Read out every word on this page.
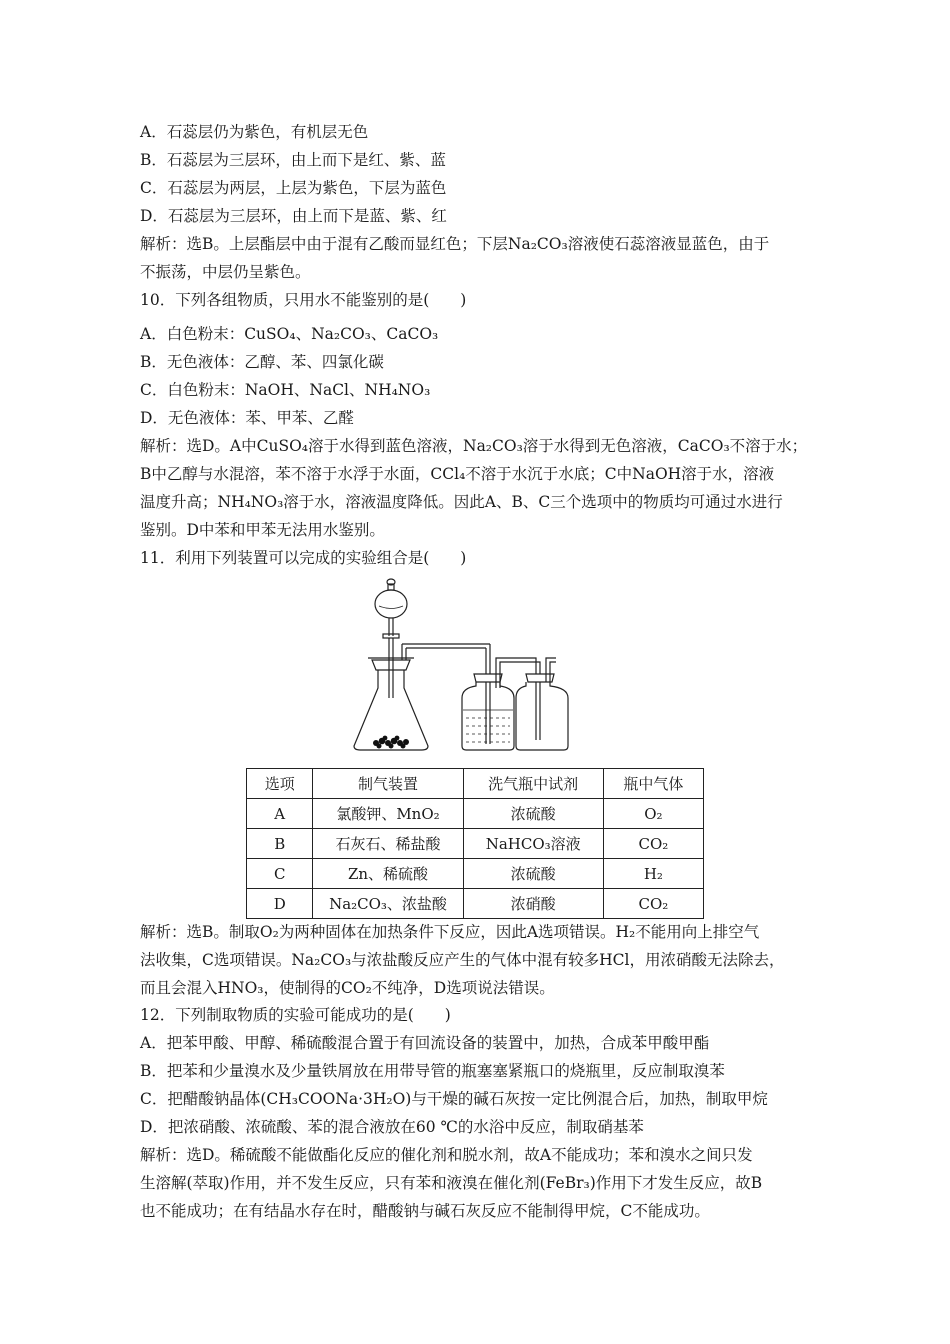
A．石蕊层仍为紫色，有机层无色
B．石蕊层为三层环，由上而下是红、紫、蓝
C．石蕊层为两层，上层为紫色，下层为蓝色
D．石蕊层为三层环，由上而下是蓝、紫、红
解析：选B。上层酯层中由于混有乙酸而显红色；下层Na₂CO₃溶液使石蕊溶液显蓝色，由于
不振荡，中层仍呈紫色。
10．下列各组物质，只用水不能鉴别的是(　　)
A．白色粉末：CuSO₄、Na₂CO₃、CaCO₃
B．无色液体：乙醇、苯、四氯化碳
C．白色粉末：NaOH、NaCl、NH₄NO₃
D．无色液体：苯、甲苯、乙醛
解析：选D。A中CuSO₄溶于水得到蓝色溶液，Na₂CO₃溶于水得到无色溶液，CaCO₃不溶于水；
B中乙醇与水混溶，苯不溶于水浮于水面，CCl₄不溶于水沉于水底；C中NaOH溶于水，溶液
温度升高；NH₄NO₃溶于水，溶液温度降低。因此A、B、C三个选项中的物质均可通过水进行
鉴别。D中苯和甲苯无法用水鉴别。
11．利用下列装置可以完成的实验组合是(　　)
选项	制气装置	洗气瓶中试剂	瓶中气体
A	氯酸钾、MnO₂	浓硫酸	O₂
B	石灰石、稀盐酸	NaHCO₃溶液	CO₂
C	Zn、稀硫酸	浓硫酸	H₂
D	Na₂CO₃、浓盐酸	浓硝酸	CO₂
解析：选B。制取O₂为两种固体在加热条件下反应，因此A选项错误。H₂不能用向上排空气
法收集，C选项错误。Na₂CO₃与浓盐酸反应产生的气体中混有较多HCl，用浓硝酸无法除去，
而且会混入HNO₃，使制得的CO₂不纯净，D选项说法错误。
12．下列制取物质的实验可能成功的是(　　)
A．把苯甲酸、甲醇、稀硫酸混合置于有回流设备的装置中，加热，合成苯甲酸甲酯
B．把苯和少量溴水及少量铁屑放在用带导管的瓶塞塞紧瓶口的烧瓶里，反应制取溴苯
C．把醋酸钠晶体(CH₃COONa·3H₂O)与干燥的碱石灰按一定比例混合后，加热，制取甲烷
D．把浓硝酸、浓硫酸、苯的混合液放在60 ℃的水浴中反应，制取硝基苯
解析：选D。稀硫酸不能做酯化反应的催化剂和脱水剂，故A不能成功；苯和溴水之间只发
生溶解(萃取)作用，并不发生反应，只有苯和液溴在催化剂(FeBr₃)作用下才发生反应，故B
也不能成功；在有结晶水存在时，醋酸钠与碱石灰反应不能制得甲烷，C不能成功。
